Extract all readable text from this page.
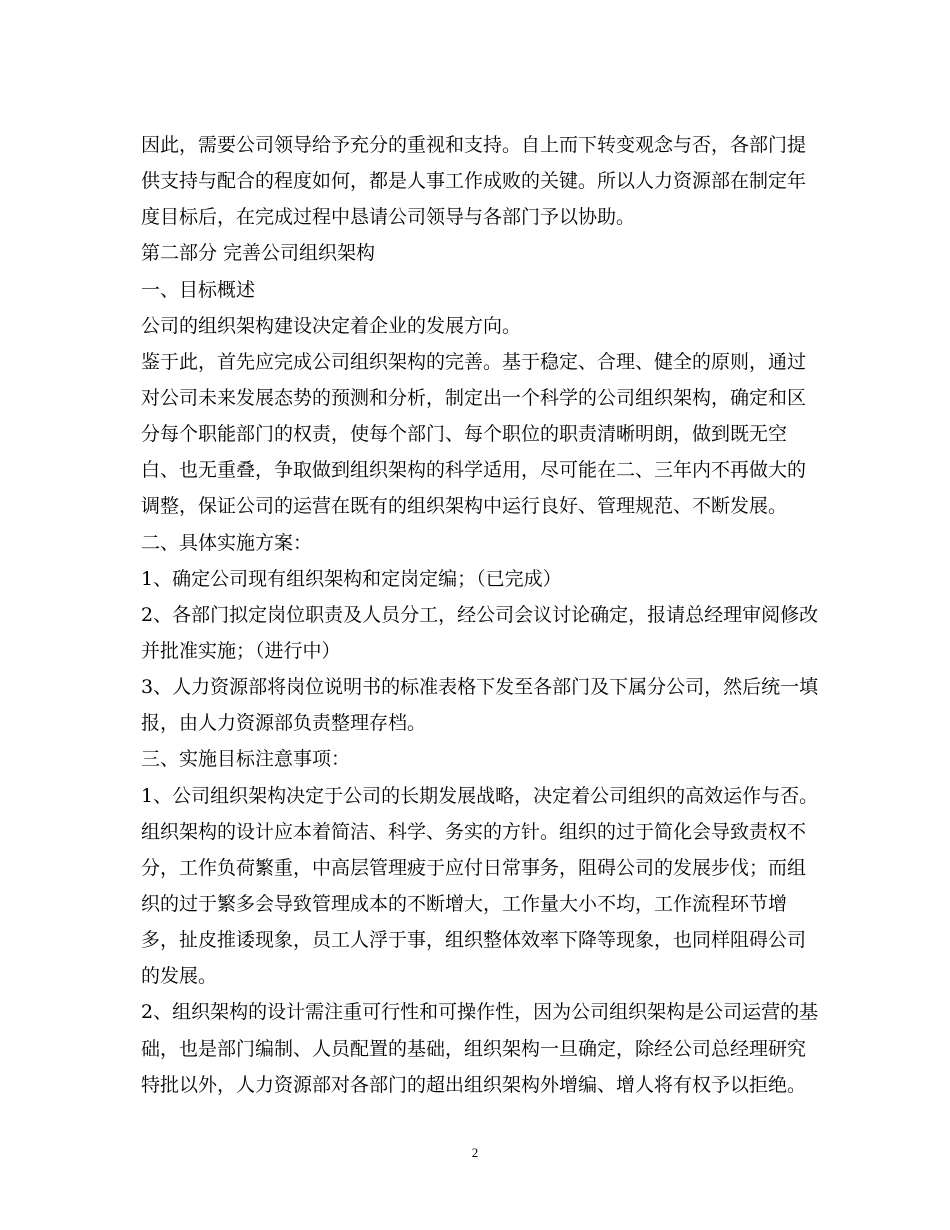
因此，需要公司领导给予充分的重视和支持。自上而下转变观念与否，各部门提
供支持与配合的程度如何，都是人事工作成败的关键。所以人力资源部在制定年
度目标后，在完成过程中恳请公司领导与各部门予以协助。
第二部分 完善公司组织架构
一、目标概述
公司的组织架构建设决定着企业的发展方向。
鉴于此，首先应完成公司组织架构的完善。基于稳定、合理、健全的原则，通过
对公司未来发展态势的预测和分析，制定出一个科学的公司组织架构，确定和区
分每个职能部门的权责，使每个部门、每个职位的职责清晰明朗，做到既无空
白、也无重叠，争取做到组织架构的科学适用，尽可能在二、三年内不再做大的
调整，保证公司的运营在既有的组织架构中运行良好、管理规范、不断发展。
二、具体实施方案：
1、确定公司现有组织架构和定岗定编；（已完成）
2、各部门拟定岗位职责及人员分工，经公司会议讨论确定，报请总经理审阅修改
并批准实施；（进行中）
3、人力资源部将岗位说明书的标准表格下发至各部门及下属分公司，然后统一填
报，由人力资源部负责整理存档。
三、实施目标注意事项：
1、公司组织架构决定于公司的长期发展战略，决定着公司组织的高效运作与否。
组织架构的设计应本着简洁、科学、务实的方针。组织的过于简化会导致责权不
分，工作负荷繁重，中高层管理疲于应付日常事务，阻碍公司的发展步伐；而组
织的过于繁多会导致管理成本的不断增大，工作量大小不均，工作流程环节增
多，扯皮推诿现象，员工人浮于事，组织整体效率下降等现象，也同样阻碍公司
的发展。
2、组织架构的设计需注重可行性和可操作性，因为公司组织架构是公司运营的基
础，也是部门编制、人员配置的基础，组织架构一旦确定，除经公司总经理研究
特批以外，人力资源部对各部门的超出组织架构外增编、增人将有权予以拒绝。
2
